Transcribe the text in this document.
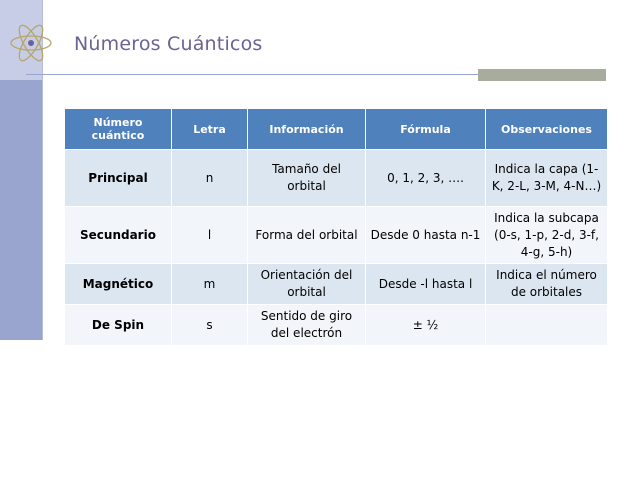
Números Cuánticos
Número cuántico	Letra	Información	Fórmula	Observaciones
Principal	n	Tamaño del orbital	0, 1, 2, 3, ….	Indica la capa (1-K, 2-L, 3-M, 4-N…)
Secundario	l	Forma del orbital	Desde 0 hasta n-1	Indica la subcapa (0-s, 1-p, 2-d, 3-f, 4-g, 5-h)
Magnético	m	Orientación del orbital	Desde -l hasta l	Indica el número de orbitales
De Spin	s	Sentido de giro del electrón	± ½	
